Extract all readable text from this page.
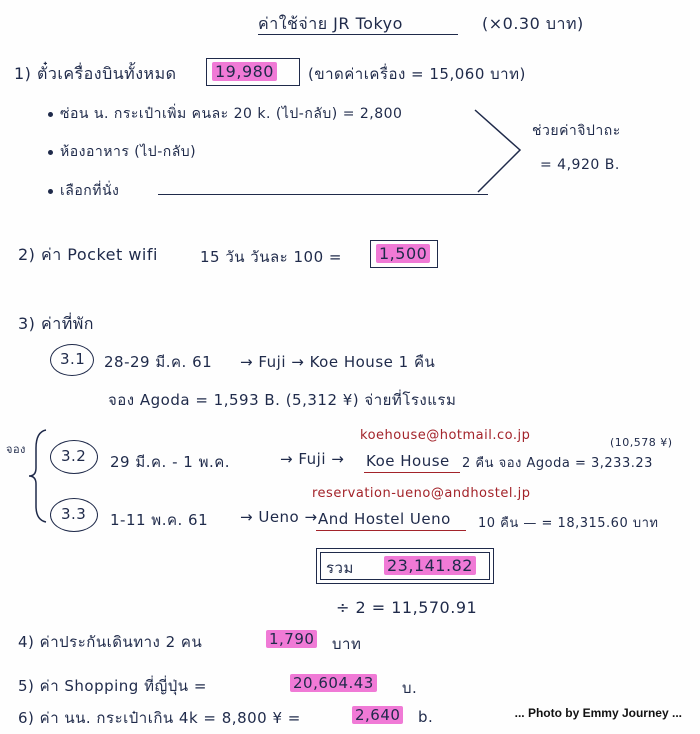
ค่าใช้จ่าย JR Tokyo	(×0.30 บาท)
1) ตั๋วเครื่องบินทั้งหมด 19,980 (ขาดค่าเครื่อง = 15,060 บาท)
ซ่อน น. กระเป๋าเพิ่ม คนละ 20 k. (ไป-กลับ) = 2,800
ห้องอาหาร (ไป-กลับ)
เลือกที่นั่ง
ช่วยค่าจิปาถะ
= 4,920 B.
2) ค่า Pocket wifi	15 วัน วันละ 100 = 1,500
3) ค่าที่พัก
3.1 28-29 มี.ค. 61 → Fuji → Koe House 1 คืน
จอง Agoda = 1,593 B. (5,312 ¥) จ่ายที่โรงแรม
จอง 3.2 29 มี.ค. - 1 พ.ค.	→ Fuji →
koehouse@hotmail.co.jp
Koe House 2 คืน จอง Agoda = 3,233.23
(10,578 ¥)
3.3 1-11 พ.ค. 61 → Ueno →
reservation-ueno@andhostel.jp
And Hostel Ueno 10 คืน — = 18,315.60 บาท
รวม 23,141.82
÷ 2 = 11,570.91
4) ค่าประกันเดินทาง 2 คน	1,790 บาท
5) ค่า Shopping ที่ญี่ปุ่น =	20,604.43 บ.
6) ค่า นน. กระเป๋าเกิน 4k = 8,800 ¥ =	2,640 b.	... Photo by Emmy Journey ...
